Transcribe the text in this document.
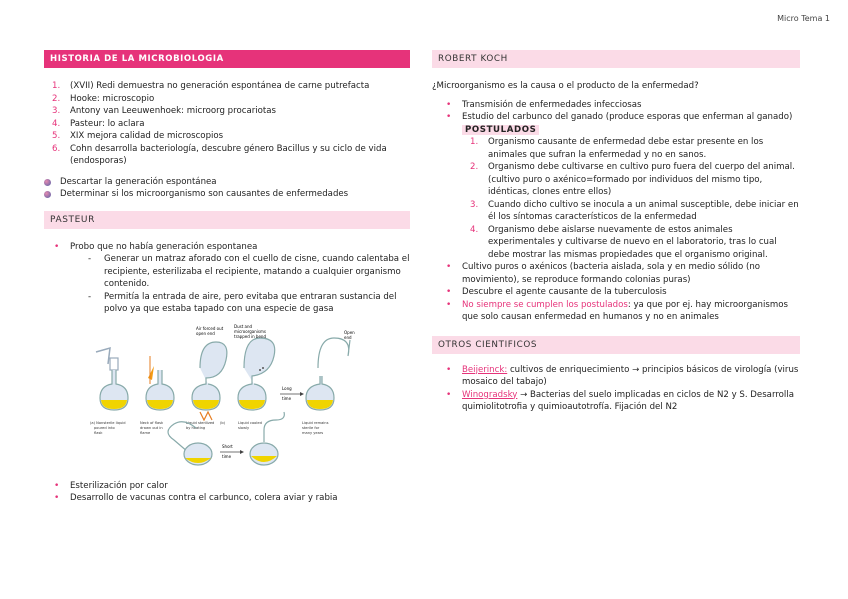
Micro Tema 1
HISTORIA DE LA MICROBIOLOGIA
1.	(XVII) Redi demuestra no generación espontánea de carne putrefacta
2.	Hooke: microscopio
3.	Antony van Leeuwenhoek: microorg procariotas
4.	Pasteur: lo aclara
5.	XIX mejora calidad de microscopios
6.	Cohn desarrolla bacteriología, descubre género Bacillus y su ciclo de vida (endosporas)
Descartar la generación espontánea
Determinar si los microorganismo son causantes de enfermedades
PASTEUR
•	Probo que no había generación espontanea
-	Generar un matraz aforado con el cuello de cisne, cuando calentaba el recipiente, esterilizaba el recipiente, matando a cualquier organismo contenido.
-	Permitía la entrada de aire, pero evitaba que entraran sustancia del polvo ya que estaba tapado con una especie de gasa
Air forced out
open end
Dust and
microorganisms
trapped in bend
Long
time
Open
end
(a) Nonsterile liquid
poured into
flask
Neck of flask
drawn out in
flame
Liquid sterilized
by heating
(b)	Liquid cooled
slowly
Liquid remains
sterile for
many years
Short
time
•	Esterilización por calor
•	Desarrollo de vacunas contra el carbunco, colera aviar y rabia
ROBERT KOCH
¿Microorganismo es la causa o el producto de la enfermedad?
•	Transmisión de enfermedades infecciosas
•	Estudio del carbunco del ganado (produce esporas que enferman al ganado) POSTULADOS
1.	Organismo causante de enfermedad debe estar presente en los animales que sufran la enfermedad y no en sanos.
2.	Organismo debe cultivarse en cultivo puro fuera del cuerpo del animal. (cultivo puro o axénico=formado por individuos del mismo tipo, idénticas, clones entre ellos)
3.	Cuando dicho cultivo se inocula a un animal susceptible, debe iniciar en él los síntomas característicos de la enfermedad
4.	Organismo debe aislarse nuevamente de estos animales experimentales y cultivarse de nuevo en el laboratorio, tras lo cual debe mostrar las mismas propiedades que el organismo original.
•	Cultivo puros o axénicos (bacteria aislada, sola y en medio sólido (no movimiento), se reproduce formando colonias puras)
•	Descubre el agente causante de la tuberculosis
•	No siempre se cumplen los postulados: ya que por ej. hay microorganismos que solo causan enfermedad en humanos y no en animales
OTROS CIENTIFICOS
•	Beijerinck: cultivos de enriquecimiento → principios básicos de virología (virus mosaico del tabajo)
•	Winogradsky → Bacterias del suelo implicadas en ciclos de N2 y S. Desarrolla quimiolitotrofia y quimioautotrofía. Fijación del N2
